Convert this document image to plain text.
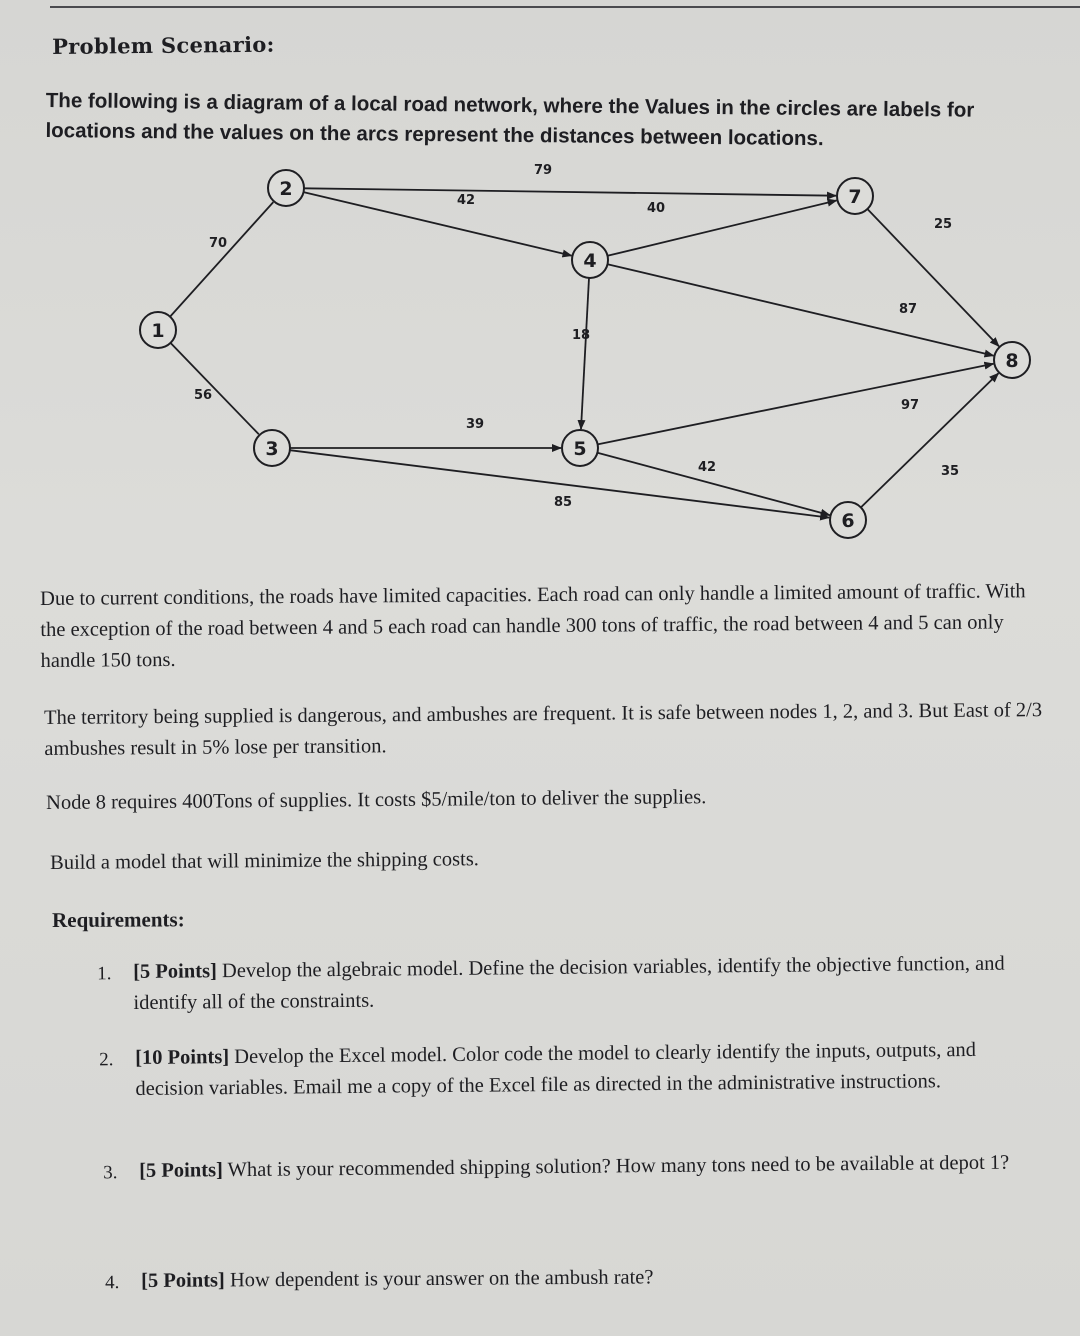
Problem Scenario:
The following is a diagram of a local road network, where the Values in the circles are labels for locations and the values on the arcs represent the distances between locations.
70
56
79
42
40
25
87
18
39
97
42
85
35
1
2
3
4
5
6
7
8
Due to current conditions, the roads have limited capacities. Each road can only handle a limited amount of traffic. With the exception of the road between 4 and 5 each road can handle 300 tons of traffic, the road between 4 and 5 can only handle 150 tons.
The territory being supplied is dangerous, and ambushes are frequent. It is safe between nodes 1, 2, and 3. But East of 2/3 ambushes result in 5% lose per transition.
Node 8 requires 400Tons of supplies. It costs $5/mile/ton to deliver the supplies.
Build a model that will minimize the shipping costs.
Requirements:
1. [5 Points] Develop the algebraic model. Define the decision variables, identify the objective function, and identify all of the constraints.
2. [10 Points] Develop the Excel model. Color code the model to clearly identify the inputs, outputs, and decision variables. Email me a copy of the Excel file as directed in the administrative instructions.
3. [5 Points] What is your recommended shipping solution? How many tons need to be available at depot 1?
4. [5 Points] How dependent is your answer on the ambush rate?
